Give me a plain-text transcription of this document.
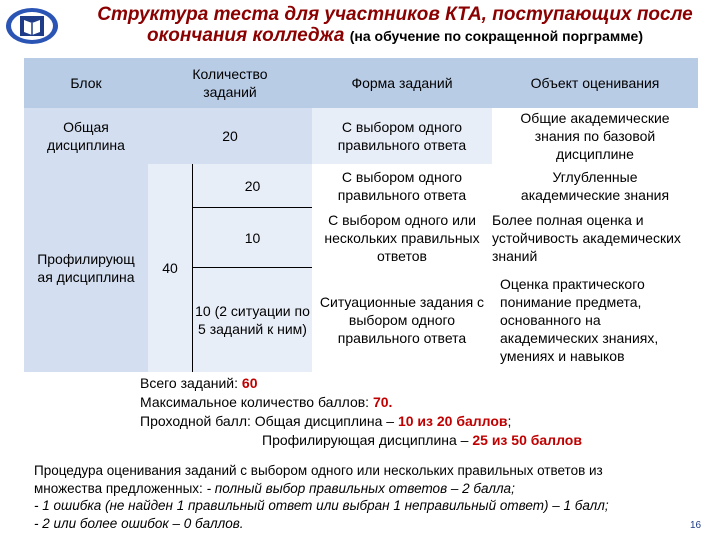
Структура теста для участников КТА, поступающих после
окончания колледжа (на обучение по сокращенной порграмме)
Блок
Количество заданий
Форма заданий	Объект оценивания
Общая дисциплина
20
С выбором одного правильного ответа
Общие академические знания по базовой дисциплине
Профилирующ ая дисциплина
40
20
С выбором одного правильного ответа
Углубленные академические знания
10
С выбором одного или нескольких правильных ответов
Более полная оценка и устойчивость академических знаний
10 (2 ситуации по 5 заданий к ним)
Ситуационные задания с выбором одного правильного ответа
Оценка практического понимание предмета, основанного на академических знаниях, умениях и навыков
Всего заданий: 60
Максимальное количество баллов: 70.
Проходной балл: Общая дисциплина – 10 из 20 баллов;
Профилирующая дисциплина – 25 из 50 баллов
Процедура оценивания заданий с выбором одного или нескольких правильных ответов из
множества предложенных: - полный выбор правильных ответов – 2 балла;
- 1 ошибка (не найден 1 правильный ответ или выбран 1 неправильный ответ) – 1 балл;
- 2 или более ошибок – 0 баллов.	16
